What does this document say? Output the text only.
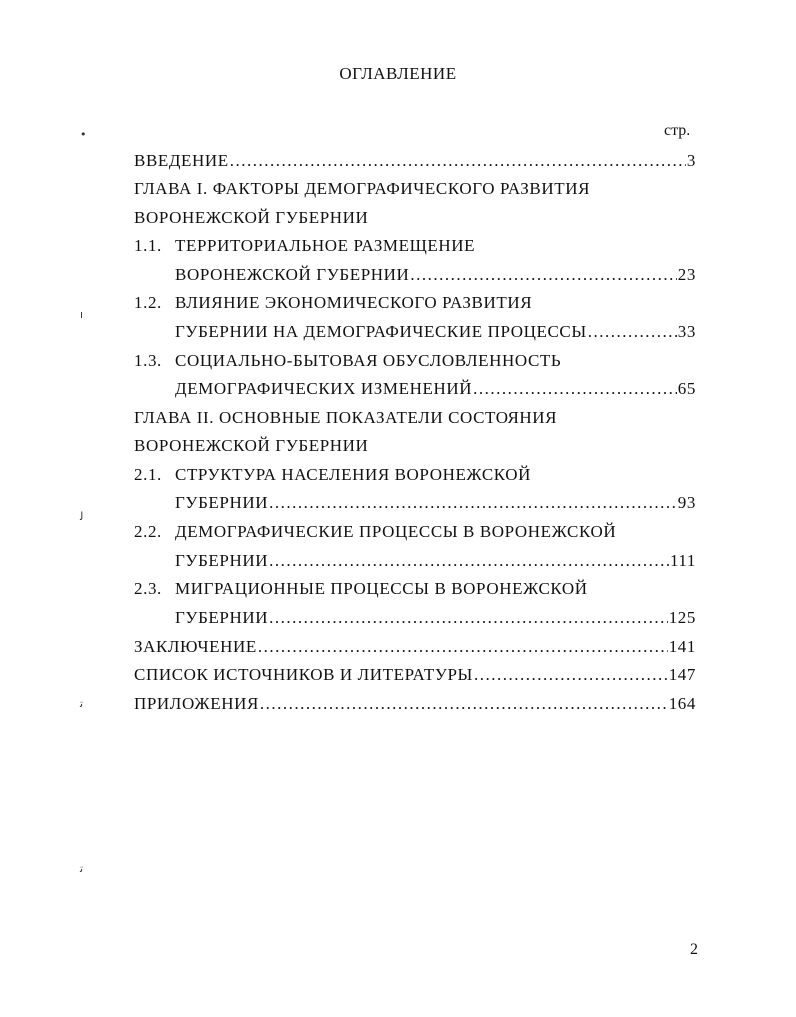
ОГЛАВЛЕНИЕ
стр.
ВВЕДЕНИЕ .....	3
ГЛАВА I. ФАКТОРЫ ДЕМОГРАФИЧЕСКОГО РАЗВИТИЯ
ВОРОНЕЖСКОЙ ГУБЕРНИИ
1.1. ТЕРРИТОРИАЛЬНОЕ РАЗМЕЩЕНИЕ
ВОРОНЕЖСКОЙ ГУБЕРНИИ .....	23
1.2. ВЛИЯНИЕ ЭКОНОМИЧЕСКОГО РАЗВИТИЯ
ГУБЕРНИИ НА ДЕМОГРАФИЧЕСКИЕ ПРОЦЕССЫ .....	33
1.3. СОЦИАЛЬНО-БЫТОВАЯ ОБУСЛОВЛЕННОСТЬ
ДЕМОГРАФИЧЕСКИХ ИЗМЕНЕНИЙ .....	65
ГЛАВА II. ОСНОВНЫЕ ПОКАЗАТЕЛИ СОСТОЯНИЯ
ВОРОНЕЖСКОЙ ГУБЕРНИИ
2.1. СТРУКТУРА НАСЕЛЕНИЯ ВОРОНЕЖСКОЙ
ГУБЕРНИИ .....	93
2.2. ДЕМОГРАФИЧЕСКИЕ ПРОЦЕССЫ В ВОРОНЕЖСКОЙ
ГУБЕРНИИ .....	111
2.3. МИГРАЦИОННЫЕ ПРОЦЕССЫ В ВОРОНЕЖСКОЙ
ГУБЕРНИИ .....	125
ЗАКЛЮЧЕНИЕ .....	141
СПИСОК ИСТОЧНИКОВ И ЛИТЕРАТУРЫ .....	147
ПРИЛОЖЕНИЯ .....	164
•
ı
ﻟ
ﺗ
ﺗ
2
